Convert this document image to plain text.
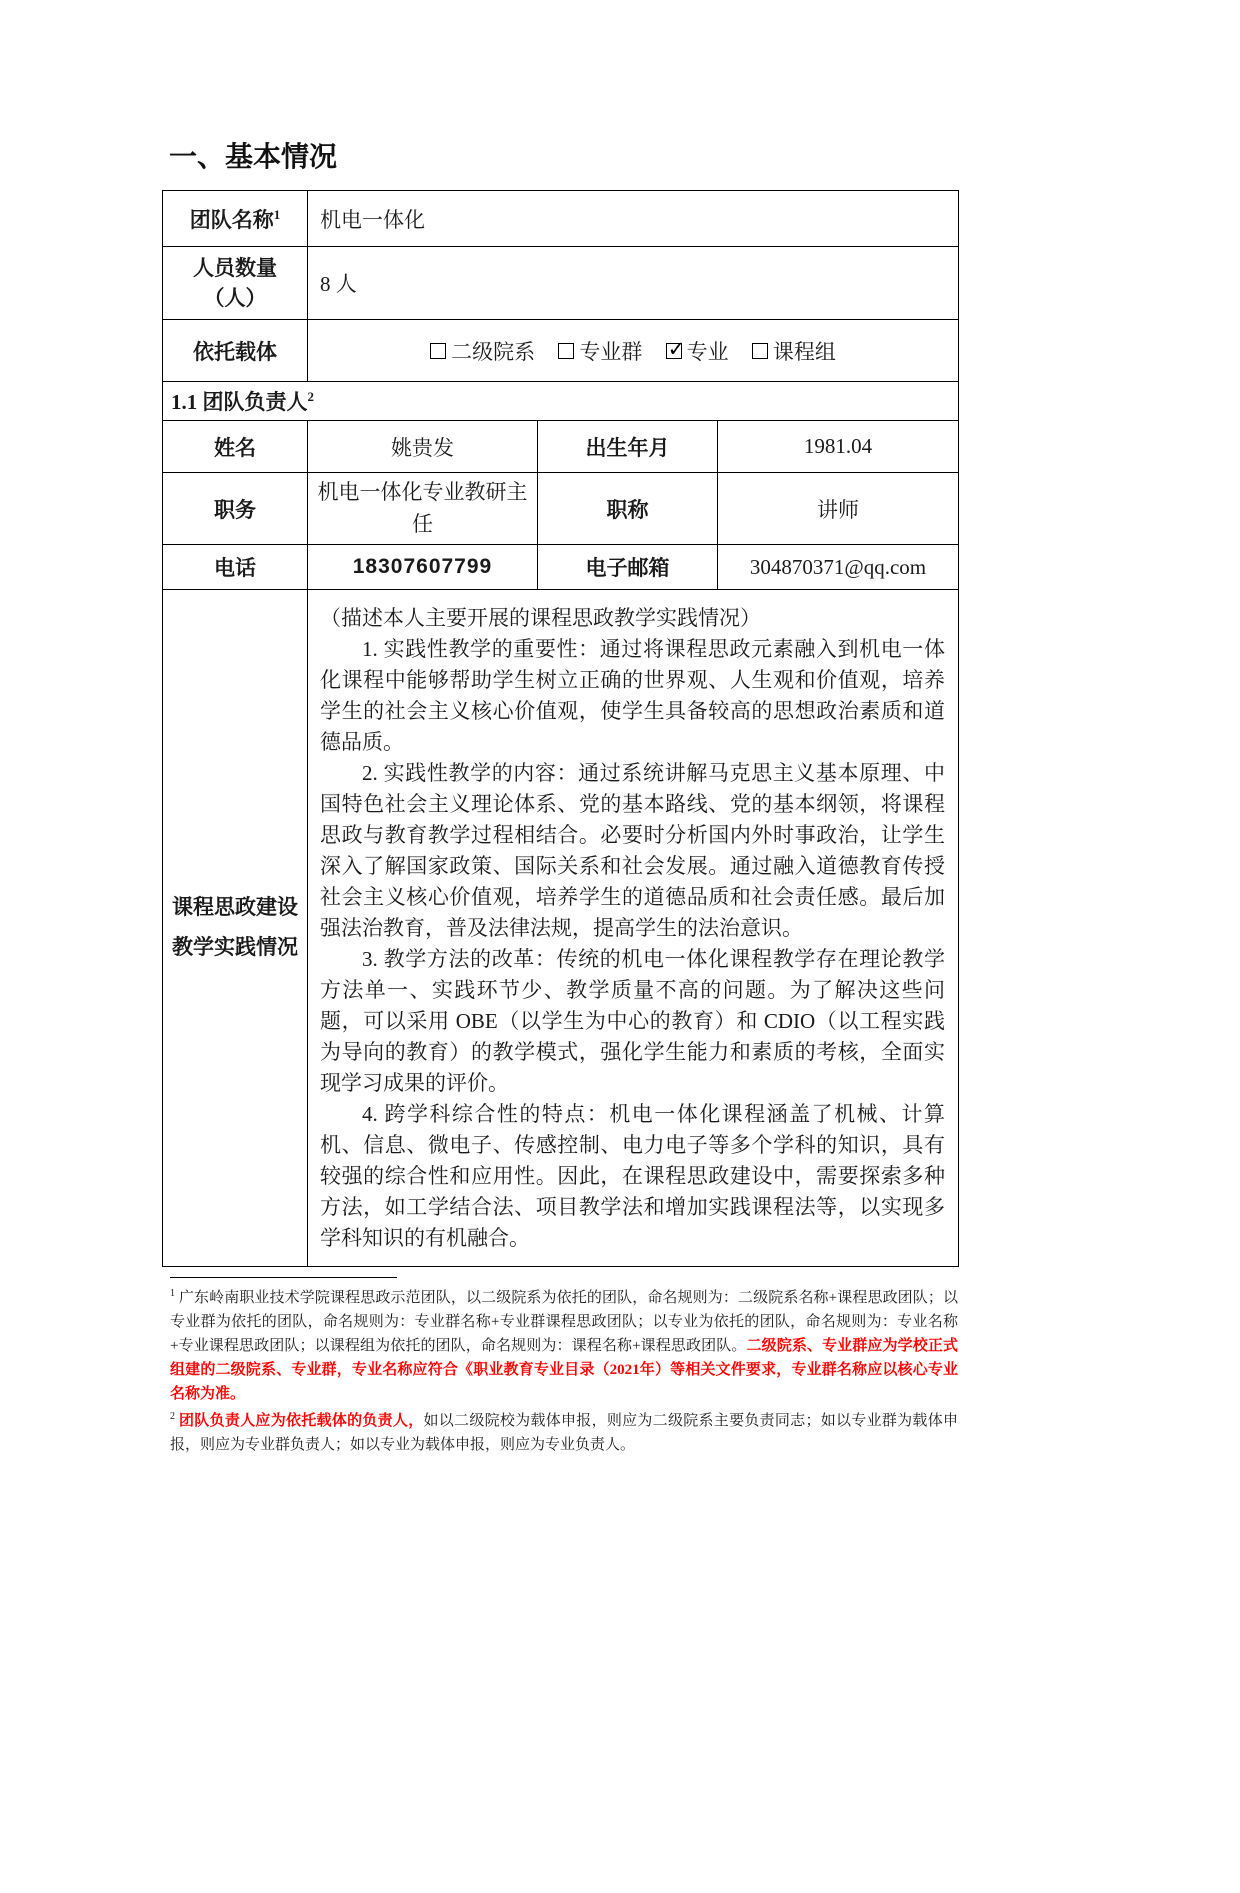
一、基本情况
团队名称$^1$	机电一体化		

人员数量
（人）	8 人		
依托载体	二级院系
专业群
✓ 专业
课程组

1.1 团队负责人$^2$
姓名	姚贵发	出生年月	1981.04
职务	机电一体化专业教研主任	职称	讲师
电话	18307607799	电子邮箱	304870371@qq.com
课程思政建设教学实践情况	（描述本人主要开展的课程思政教学实践情况）

1. 实践性教学的重要性：通过将课程思政元素融入到机电一体化课程中能够帮助学生树立正确的世界观、人生观和价值观，培养学生的社会主义核心价值观，使学生具备较高的思想政治素质和道德品质。

2. 实践性教学的内容：通过系统讲解马克思主义基本原理、中国特色社会主义理论体系、党的基本路线、党的基本纲领，将课程思政与教育教学过程相结合。必要时分析国内外时事政治，让学生深入了解国家政策、国际关系和社会发展。通过融入道德教育传授社会主义核心价值观，培养学生的道德品质和社会责任感。最后加强法治教育，普及法律法规，提高学生的法治意识。

3. 教学方法的改革：传统的机电一体化课程教学存在理论教学方法单一、实践环节少、教学质量不高的问题。为了解决这些问题，可以采用 OBE（以学生为中心的教育）和 CDIO（以工程实践为导向的教育）的教学模式，强化学生能力和素质的考核，全面实现学习成果的评价。

4. 跨学科综合性的特点：机电一体化课程涵盖了机械、计算机、信息、微电子、传感控制、电力电子等多个学科的知识，具有较强的综合性和应用性。因此，在课程思政建设中，需要探索多种方法，如工学结合法、项目教学法和增加实践课程法等，以实现多学科知识的有机融合。		

$^1$ 广东岭南职业技术学院课程思政示范团队，以二级院系为依托的团队，命名规则为：二级院系名称+课程思政团队；以专业群为依托的团队，命名规则为：专业群名称+专业群课程思政团队；以专业为依托的团队，命名规则为：专业名称+专业课程思政团队；以课程组为依托的团队，命名规则为：课程名称+课程思政团队。二级院系、专业群应为学校正式组建的二级院系、专业群，专业名称应符合《职业教育专业目录（2021年）等相关文件要求，专业群名称应以核心专业名称为准。

$^2$ 团队负责人应为依托载体的负责人，如以二级院校为载体申报，则应为二级院系主要负责同志；如以专业群为载体申报，则应为专业群负责人；如以专业为载体申报，则应为专业负责人。
